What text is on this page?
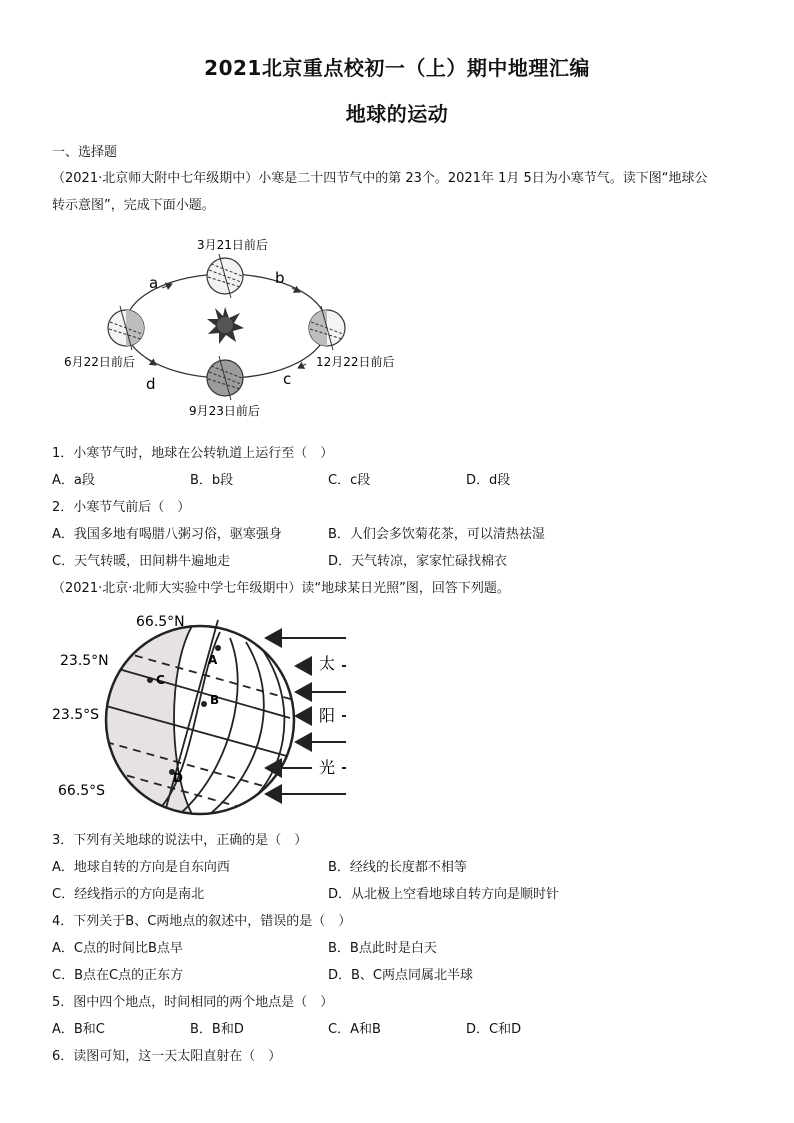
2021北京重点校初一（上）期中地理汇编
地球的运动
一、选择题
（2021·北京师大附中七年级期中）小寒是二十四节气中的第 23个。2021年 1月 5日为小寒节气。读下图“地球公
转示意图”，完成下面小题。
3月21日前后
6月22日前后
9月23日前后
12月22日前后
a	b
c
d
1．小寒节气时，地球在公转轨道上运行至（　）
A．a段	B．b段	C．c段	D．d段
2．小寒节气前后（　）
A．我国多地有喝腊八粥习俗，驱寒强身	B．人们会多饮菊花茶，可以清热祛湿
C．天气转暖，田间耕牛遍地走	D．天气转凉，家家忙碌找棉衣
（2021·北京·北师大实验中学七年级期中）读“地球某日光照”图，回答下列题。
A
B
C
D
66.5°N
23.5°N
23.5°S
66.5°S
太
阳
光
3．下列有关地球的说法中，正确的是（　）
A．地球自转的方向是自东向西	B．经线的长度都不相等
C．经线指示的方向是南北	D．从北极上空看地球自转方向是顺时针
4．下列关于B、C两地点的叙述中，错误的是（　）
A．C点的时间比B点早	B．B点此时是白天
C．B点在C点的正东方	D．B、C两点同属北半球
5．图中四个地点，时间相同的两个地点是（　）
A．B和C	B．B和D	C．A和B	D．C和D
6．读图可知，这一天太阳直射在（　）
